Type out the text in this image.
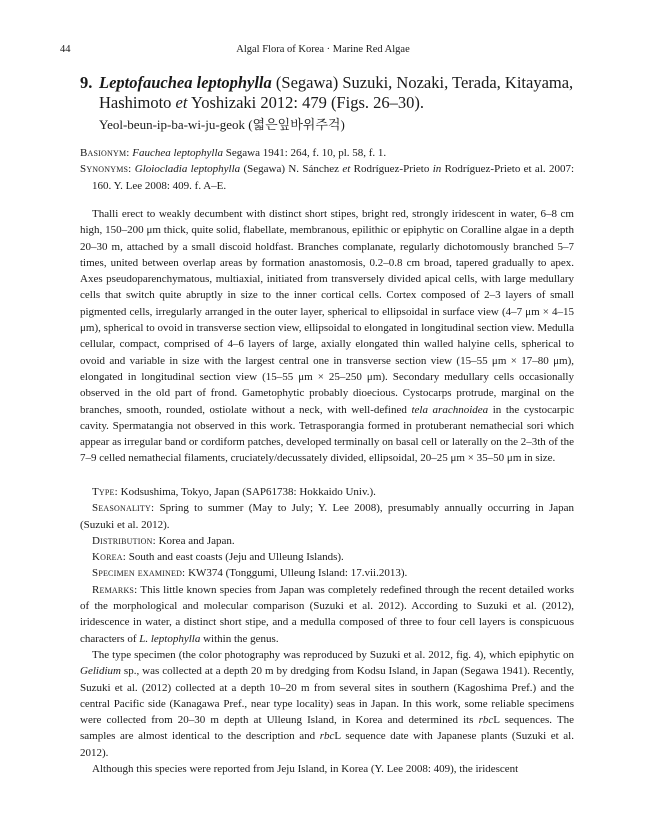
44	Algal Flora of Korea · Marine Red Algae
9. Leptofauchea leptophylla (Segawa) Suzuki, Nozaki, Terada, Kitayama,
Hashimoto et Yoshizaki 2012: 479 (Figs. 26–30).
Yeol-beun-ip-ba-wi-ju-geok (엷은잎바위주걱)

Basionym: Fauchea leptophylla Segawa 1941: 264, f. 10, pl. 58, f. 1.

Synonyms: Gloiocladia leptophylla (Segawa) N. Sánchez et Rodríguez-Prieto in Rodríguez-Prieto et al. 2007: 160. Y. Lee 2008: 409. f. A–E.

Thalli erect to weakly decumbent with distinct short stipes, bright red, strongly iridescent in water, 6–8 cm high, 150–200 μm thick, quite solid, flabellate, membranous, epilithic or epiphytic on Coralline algae in a depth 20–30 m, attached by a small discoid holdfast. Branches complanate, regularly dichotomously branched 5–7 times, united between overlap areas by formation anastomosis, 0.2–0.8 cm broad, tapered gradually to apex. Axes pseudoparenchymatous, multiaxial, initiated from transversely divided apical cells, with large medullary cells that switch quite abruptly in size to the inner cortical cells. Cortex composed of 2–3 layers of small pigmented cells, irregularly arranged in the outer layer, spherical to ellipsoidal in surface view (4–7 μm × 4–15 μm), spherical to ovoid in transverse section view, ellipsoidal to elongated in longitudinal section view. Medulla cellular, compact, comprised of 4–6 layers of large, axially elongated thin walled halyine cells, spherical to ovoid and variable in size with the largest central one in transverse section view (15–55 μm × 17–80 μm), elongated in longitudinal section view (15–55 μm × 25–250 μm). Secondary medullary cells occasionally observed in the old part of frond. Gametophytic probably dioecious. Cystocarps protrude, marginal on the branches, smooth, rounded, ostiolate without a neck, with well-defined tela arachnoidea in the cystocarpic cavity. Spermatangia not observed in this work. Tetrasporangia formed in protuberant nemathecial sori which appear as irregular band or cordiform patches, developed terminally on basal cell or laterally on the 2–3th of the 7–9 celled nemathecial filaments, cruciately/decussately divided, ellipsoidal, 20–25 μm × 35–50 μm in size.

Type: Kodsushima, Tokyo, Japan (SAP61738: Hokkaido Univ.).

Seasonality: Spring to summer (May to July; Y. Lee 2008), presumably annually occurring in Japan (Suzuki et al. 2012).

Distribution: Korea and Japan.

Korea: South and east coasts (Jeju and Ulleung Islands).

Specimen examined: KW374 (Tonggumi, Ulleung Island: 17.vii.2013).

Remarks: This little known species from Japan was completely redefined through the recent detailed works of the morphological and molecular comparison (Suzuki et al. 2012). According to Suzuki et al. (2012), iridescence in water, a distinct short stipe, and a medulla composed of three to four cell layers is conspicuous characters of L. leptophylla within the genus.

The type specimen (the color photography was reproduced by Suzuki et al. 2012, fig. 4), which epiphytic on Gelidium sp., was collected at a depth 20 m by dredging from Kodsu Island, in Japan (Segawa 1941). Recently, Suzuki et al. (2012) collected at a depth 10–20 m from several sites in southern (Kagoshima Pref.) and the central Pacific side (Kanagawa Pref., near type locality) seas in Japan. In this work, some reliable specimens were collected from 20–30 m depth at Ulleung Island, in Korea and determined its rbcL sequences. The samples are almost identical to the description and rbcL sequence date with Japanese plants (Suzuki et al. 2012).

Although this species were reported from Jeju Island, in Korea (Y. Lee 2008: 409), the iridescent
